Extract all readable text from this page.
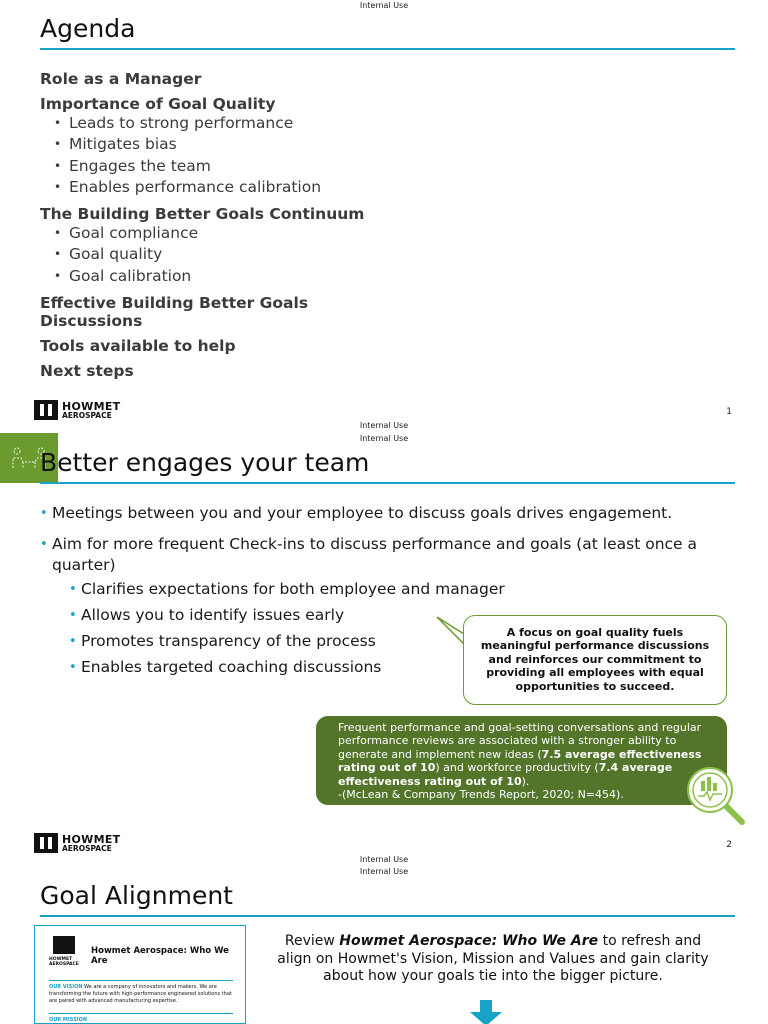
Internal Use
Agenda
Role as a Manager
Importance of Goal Quality
• Leads to strong performance
• Mitigates bias
• Engages the team
• Enables performance calibration
The Building Better Goals Continuum
• Goal compliance
• Goal quality
• Goal calibration
Effective Building Better Goals Discussions
Tools available to help
Next steps
HOWMET
AEROSPACE	1
Internal Use
Internal Use
Better engages your team
• Meetings between you and your employee to discuss goals drives engagement.
• Aim for more frequent Check-ins to discuss performance and goals (at least once a quarter)
• Clarifies expectations for both employee and manager
• Allows you to identify issues early
• Promotes transparency of the process
• Enables targeted coaching discussions
A focus on goal quality fuels meaningful performance discussions and reinforces our commitment to providing all employees with equal opportunities to succeed.
Frequent performance and goal-setting conversations and regular performance reviews are associated with a stronger ability to generate and implement new ideas (7.5 average effectiveness rating out of 10) and workforce productivity (7.4 average effectiveness rating out of 10).
-(McLean & Company Trends Report, 2020; N=454).
HOWMET
AEROSPACE	2
Internal Use
Internal Use
Goal Alignment
HOWMET
AEROSPACE
Howmet Aerospace: Who We Are
OUR VISION We are a company of innovators and makers. We are transforming the future with high-performance engineered solutions that are paired with advanced manufacturing expertise.
OUR MISSION
Review Howmet Aerospace: Who We Are to refresh and align on Howmet's Vision, Mission and Values and gain clarity about how your goals tie into the bigger picture.
